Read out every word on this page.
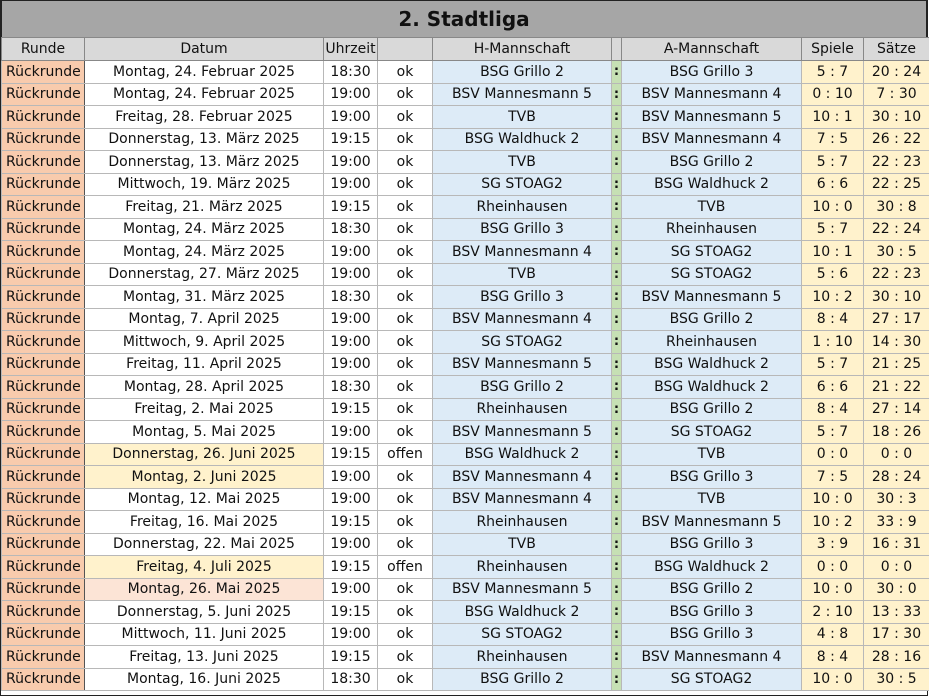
2. Stadtliga
Runde	Datum	Uhrzeit		H-Mannschaft		A-Mannschaft	Spiele	Sätze
Rückrunde	Montag, 24. Februar 2025	18:30	ok	BSG Grillo 2	:	BSG Grillo 3	5 : 7	20 : 24
Rückrunde	Montag, 24. Februar 2025	19:00	ok	BSV Mannesmann 5	:	BSV Mannesmann 4	0 : 10	7 : 30
Rückrunde	Freitag, 28. Februar 2025	19:00	ok	TVB	:	BSV Mannesmann 5	10 : 1	30 : 10
Rückrunde	Donnerstag, 13. März 2025	19:15	ok	BSG Waldhuck 2	:	BSV Mannesmann 4	7 : 5	26 : 22
Rückrunde	Donnerstag, 13. März 2025	19:00	ok	TVB	:	BSG Grillo 2	5 : 7	22 : 23
Rückrunde	Mittwoch, 19. März 2025	19:00	ok	SG STOAG2	:	BSG Waldhuck 2	6 : 6	22 : 25
Rückrunde	Freitag, 21. März 2025	19:15	ok	Rheinhausen	:	TVB	10 : 0	30 : 8
Rückrunde	Montag, 24. März 2025	18:30	ok	BSG Grillo 3	:	Rheinhausen	5 : 7	22 : 24
Rückrunde	Montag, 24. März 2025	19:00	ok	BSV Mannesmann 4	:	SG STOAG2	10 : 1	30 : 5
Rückrunde	Donnerstag, 27. März 2025	19:00	ok	TVB	:	SG STOAG2	5 : 6	22 : 23
Rückrunde	Montag, 31. März 2025	18:30	ok	BSG Grillo 3	:	BSV Mannesmann 5	10 : 2	30 : 10
Rückrunde	Montag, 7. April 2025	19:00	ok	BSV Mannesmann 4	:	BSG Grillo 2	8 : 4	27 : 17
Rückrunde	Mittwoch, 9. April 2025	19:00	ok	SG STOAG2	:	Rheinhausen	1 : 10	14 : 30
Rückrunde	Freitag, 11. April 2025	19:00	ok	BSV Mannesmann 5	:	BSG Waldhuck 2	5 : 7	21 : 25
Rückrunde	Montag, 28. April 2025	18:30	ok	BSG Grillo 2	:	BSG Waldhuck 2	6 : 6	21 : 22
Rückrunde	Freitag, 2. Mai 2025	19:15	ok	Rheinhausen	:	BSG Grillo 2	8 : 4	27 : 14
Rückrunde	Montag, 5. Mai 2025	19:00	ok	BSV Mannesmann 5	:	SG STOAG2	5 : 7	18 : 26
Rückrunde	Donnerstag, 26. Juni 2025	19:15	offen	BSG Waldhuck 2	:	TVB	0 : 0	0 : 0
Rückrunde	Montag, 2. Juni 2025	19:00	ok	BSV Mannesmann 4	:	BSG Grillo 3	7 : 5	28 : 24
Rückrunde	Montag, 12. Mai 2025	19:00	ok	BSV Mannesmann 4	:	TVB	10 : 0	30 : 3
Rückrunde	Freitag, 16. Mai 2025	19:15	ok	Rheinhausen	:	BSV Mannesmann 5	10 : 2	33 : 9
Rückrunde	Donnerstag, 22. Mai 2025	19:00	ok	TVB	:	BSG Grillo 3	3 : 9	16 : 31
Rückrunde	Freitag, 4. Juli 2025	19:15	offen	Rheinhausen	:	BSG Waldhuck 2	0 : 0	0 : 0
Rückrunde	Montag, 26. Mai 2025	19:00	ok	BSV Mannesmann 5	:	BSG Grillo 2	10 : 0	30 : 0
Rückrunde	Donnerstag, 5. Juni 2025	19:15	ok	BSG Waldhuck 2	:	BSG Grillo 3	2 : 10	13 : 33
Rückrunde	Mittwoch, 11. Juni 2025	19:00	ok	SG STOAG2	:	BSG Grillo 3	4 : 8	17 : 30
Rückrunde	Freitag, 13. Juni 2025	19:15	ok	Rheinhausen	:	BSV Mannesmann 4	8 : 4	28 : 16
Rückrunde	Montag, 16. Juni 2025	18:30	ok	BSG Grillo 2	:	SG STOAG2	10 : 0	30 : 5
